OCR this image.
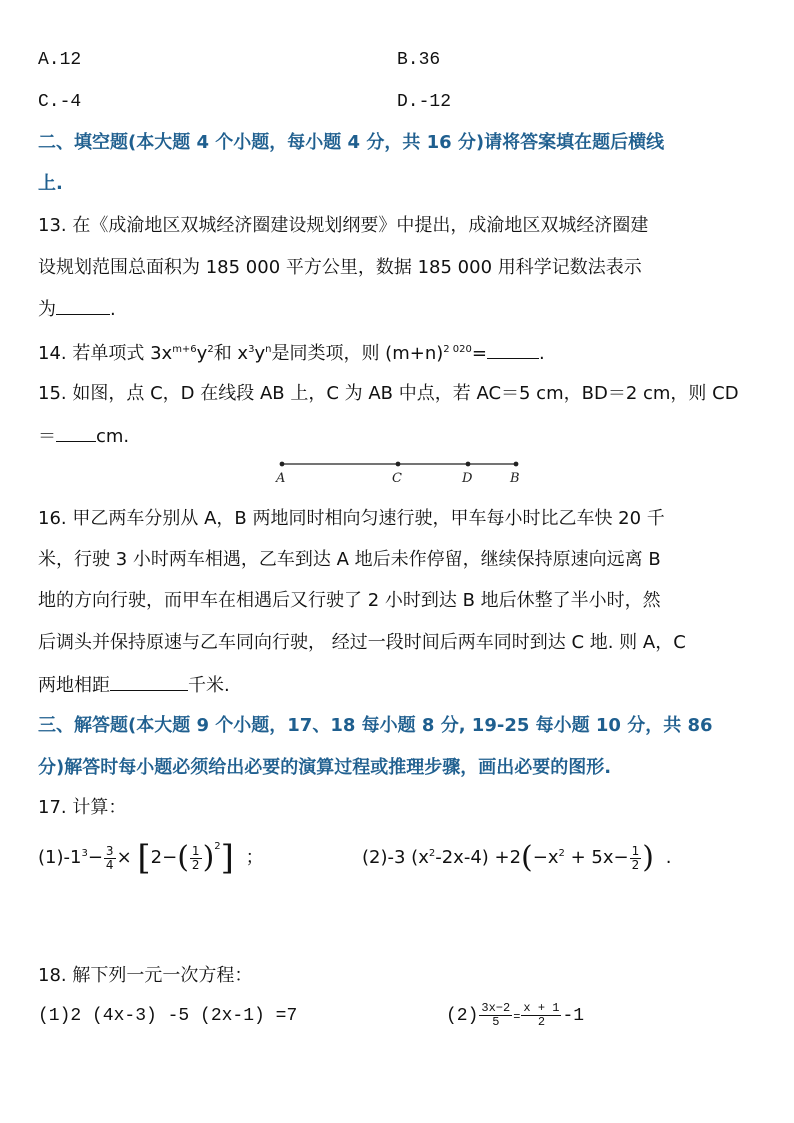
A.12	B.36
C.-4	D.-12
二、填空题(本大题 4 个小题，每小题 4 分，共 16 分)请将答案填在题后横线
上.
13. 在《成渝地区双城经济圈建设规划纲要》中提出，成渝地区双城经济圈建
设规划范围总面积为 185 000 平方公里，数据 185 000 用科学记数法表示
为	.
14. 若单项式 $3x^{m+6}y^2$和 $x^3y^n$是同类项，则 $(m+n)^{2 020}=$	.
15. 如图，点 C，D 在线段 AB 上，C 为 AB 中点，若 AC＝5 cm，BD＝2 cm，则 CD
＝ cm.
A	C	D	B
16. 甲乙两车分别从 A，B 两地同时相向匀速行驶，甲车每小时比乙车快 20 千
米，行驶 3 小时两车相遇，乙车到达 A 地后未作停留，继续保持原速向远离 B
地的方向行驶，而甲车在相遇后又行驶了 2 小时到达 B 地后休整了半小时，然
后调头并保持原速与乙车同向行驶， 经过一段时间后两车同时到达 C 地. 则 A，C
两地相距	千米.
三、解答题(本大题 9 个小题，17、18 每小题 8 分, 19-25 每小题 10 分，共 86
分)解答时每小题必须给出必要的演算过程或推理步骤，画出必要的图形.
17. 计算：
$(1)-1^3- \frac{3}{4} \times [2-( \frac{1}{2} )^2]$ ；	(2)-3 $(x^2-2x-4) +2(-x^2 + 5x- \frac{1}{2}$ ) .
18. 解下列一元一次方程：
(1)2 (4x-3) -5 (2x-1) =7	$(2) \frac{3x-2}{5} = \frac{x + 1}{2} -1$
